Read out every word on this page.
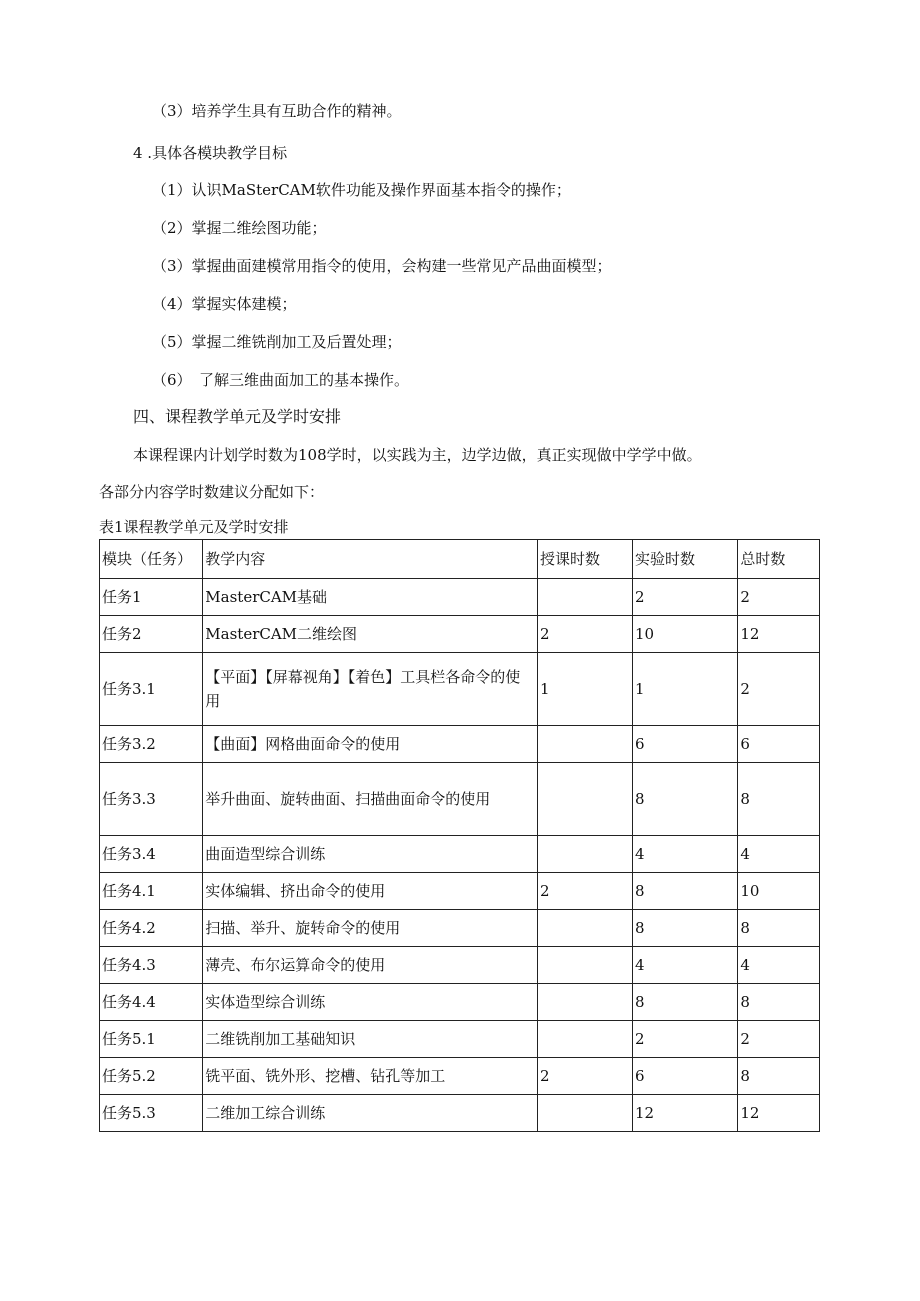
（3）培养学生具有互助合作的精神。
4 .具体各模块教学目标
（1）认识MaSterCAM软件功能及操作界面基本指令的操作；
（2）掌握二维绘图功能；
（3）掌握曲面建模常用指令的使用，会构建一些常见产品曲面模型；
（4）掌握实体建模；
（5）掌握二维铣削加工及后置处理；
（6）　了解三维曲面加工的基本操作。
四、课程教学单元及学时安排
本课程课内计划学时数为108学时，以实践为主，边学边做，真正实现做中学学中做。
各部分内容学时数建议分配如下：
表1课程教学单元及学时安排
模块（任务）	教学内容	授课时数	实验时数	总时数
任务1	MasterCAM基础		2	2
任务2	MasterCAM二维绘图	2	10	12
任务3.1	【平面】【屏幕视角】【着色】工具栏各命令的使用	1	1	2
任务3.2	【曲面】网格曲面命令的使用		6	6
任务3.3	举升曲面、旋转曲面、扫描曲面命令的使用		8	8
任务3.4	曲面造型综合训练		4	4
任务4.1	实体编辑、挤出命令的使用	2	8	10
任务4.2	扫描、举升、旋转命令的使用		8	8
任务4.3	薄壳、布尔运算命令的使用		4	4
任务4.4	实体造型综合训练		8	8
任务5.1	二维铣削加工基础知识		2	2
任务5.2	铣平面、铣外形、挖槽、钻孔等加工	2	6	8
任务5.3	二维加工综合训练		12	12
